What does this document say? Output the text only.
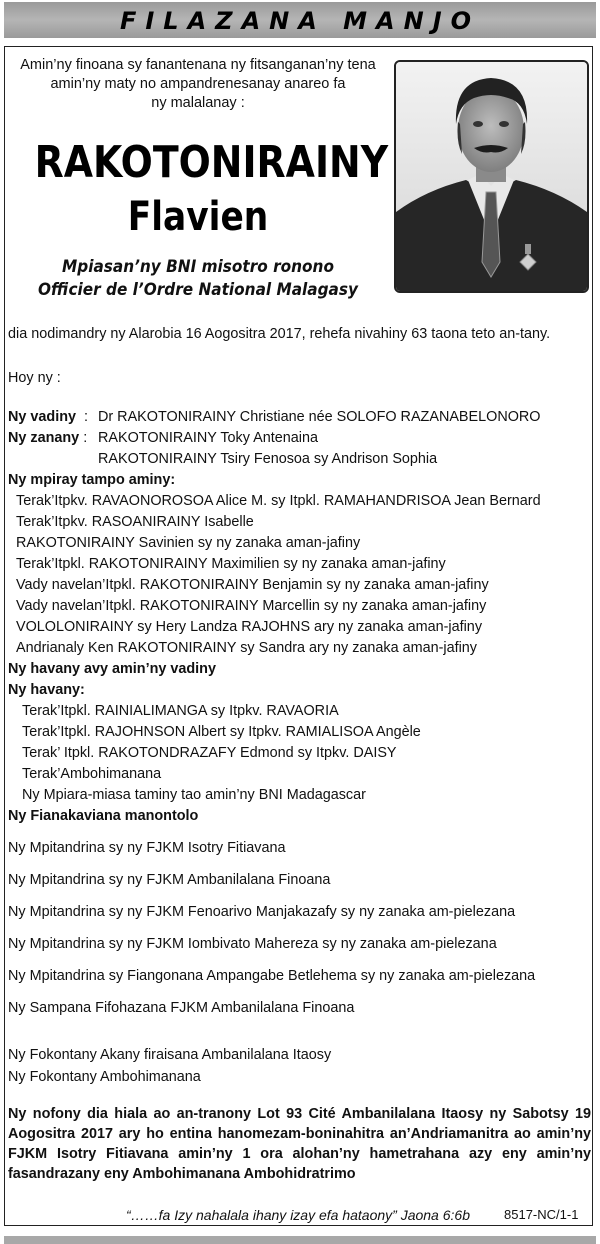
FILAZANA MANJO
Amin’ny finoana sy fanantenana ny fitsanganan’ny tena
amin’ny maty no ampandrenesanay anareo fa
ny malalanay :
RAKOTONIRAINY
Flavien
Mpiasan’ny BNI misotro ronono
Officier de l’Ordre National Malagasy
dia nodimandry ny Alarobia 16 Aogositra 2017, rehefa nivahiny 63 taona teto an-tany.
Hoy ny :
Ny vadiny : Dr RAKOTONIRAINY Christiane née SOLOFO RAZANABELONORO
Ny zanany : RAKOTONIRAINY Toky Antenaina
RAKOTONIRAINY Tsiry Fenosoa sy Andrison Sophia
Ny mpiray tampo aminy:
Terak’Itpkv. RAVAONOROSOA Alice M. sy Itpkl. RAMAHANDRISOA Jean Bernard
Terak’Itpkv. RASOANIRAINY Isabelle
RAKOTONIRAINY Savinien sy ny zanaka aman-jafiny
Terak’Itpkl. RAKOTONIRAINY Maximilien sy ny zanaka aman-jafiny
Vady navelan’Itpkl. RAKOTONIRAINY Benjamin sy ny zanaka aman-jafiny
Vady navelan’Itpkl. RAKOTONIRAINY Marcellin sy ny zanaka aman-jafiny
VOLOLONIRAINY sy Hery Landza RAJOHNS ary ny zanaka aman-jafiny
Andrianaly Ken RAKOTONIRAINY sy Sandra ary ny zanaka aman-jafiny
Ny havany avy amin’ny vadiny
Ny havany:
Terak’Itpkl. RAINIALIMANGA sy Itpkv. RAVAORIA
Terak’Itpkl. RAJOHNSON Albert sy Itpkv. RAMIALISOA Angèle
Terak’ Itpkl. RAKOTONDRAZAFY Edmond sy Itpkv. DAISY
Terak’Ambohimanana
Ny Mpiara-miasa taminy tao amin’ny BNI Madagascar
Ny Fianakaviana manontolo
Ny Mpitandrina sy ny FJKM Isotry Fitiavana
Ny Mpitandrina sy ny FJKM Ambanilalana Finoana
Ny Mpitandrina sy ny FJKM Fenoarivo Manjakazafy sy ny zanaka am-pielezana
Ny Mpitandrina sy ny FJKM Iombivato Mahereza sy ny zanaka am-pielezana
Ny Mpitandrina sy Fiangonana Ampangabe Betlehema sy ny zanaka am-pielezana
Ny Sampana Fifohazana FJKM Ambanilalana Finoana
Ny Fokontany Akany firaisana Ambanilalana Itaosy
Ny Fokontany Ambohimanana
Ny nofony dia hiala ao an-tranony Lot 93 Cité Ambanilalana Itaosy ny Sabotsy 19 Aogositra 2017 ary ho entina hanomezam-boninahitra an’Andriamanitra ao amin’ny FJKM Isotry Fitiavana amin’ny 1 ora alohan’ny hametrahana azy eny amin’ny fasandrazany eny Ambohimanana Ambohidratrimo
“……fa Izy nahalala ihany izay efa hataony” Jaona 6:6b	8517-NC/1-1
